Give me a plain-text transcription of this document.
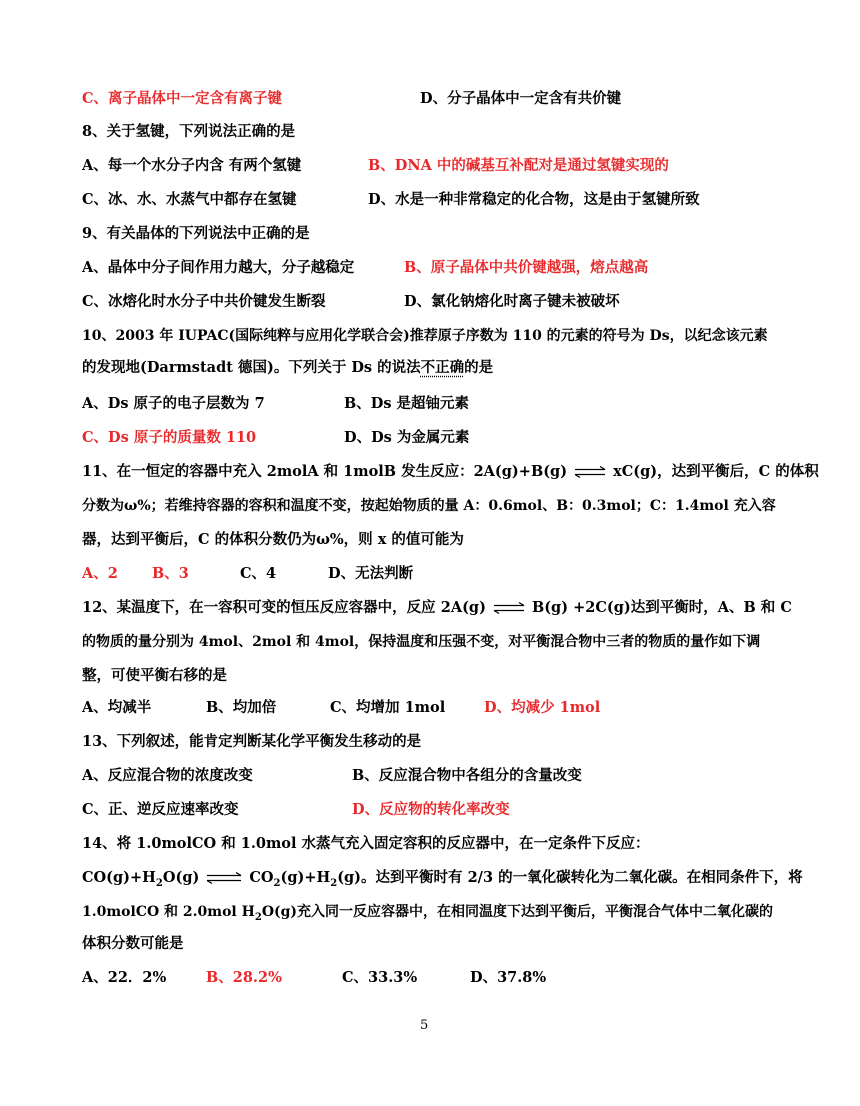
C、离子晶体中一定含有离子键	D、分子晶体中一定含有共价键
8、关于氢键，下列说法正确的是
A、每一个水分子内含 有两个氢键	B、DNA 中的碱基互补配对是通过氢键实现的
C、冰、水、水蒸气中都存在氢键	D、水是一种非常稳定的化合物，这是由于氢键所致
9、有关晶体的下列说法中正确的是
A、晶体中分子间作用力越大，分子越稳定	B、原子晶体中共价键越强，熔点越高
C、冰熔化时水分子中共价键发生断裂	D、氯化钠熔化时离子键未被破坏
10、2003 年 IUPAC(国际纯粹与应用化学联合会)推荐原子序数为 110 的元素的符号为 Ds，以纪念该元素
的发现地(Darmstadt 德国)。下列关于 Ds 的说法不正确的是
A、Ds 原子的电子层数为 7	B、Ds 是超铀元素
C、Ds 原子的质量数 110	D、Ds 为金属元素
11、在一恒定的容器中充入 2molA 和 1molB 发生反应：2A(g)+B(g) ⇌ xC(g)，达到平衡后，C 的体积
分数为ω%；若维持容器的容积和温度不变，按起始物质的量 A：0.6mol、B：0.3mol；C：1.4mol 充入容
器，达到平衡后，C 的体积分数仍为ω%，则 x 的值可能为
A、2 B、3	C、4	D、无法判断
12、某温度下，在一容积可变的恒压反应容器中，反应 2A(g) ⇌ B(g) +2C(g)达到平衡时，A、B 和 C
的物质的量分别为 4mol、2mol 和 4mol，保持温度和压强不变，对平衡混合物中三者的物质的量作如下调
整，可使平衡右移的是
A、均减半	B、均加倍	C、均增加 1mol	D、均减少 1mol
13、下列叙述，能肯定判断某化学平衡发生移动的是
A、反应混合物的浓度改变	B、反应混合物中各组分的含量改变
C、正、逆反应速率改变	D、反应物的转化率改变
14、将 1.0molCO 和 1.0mol 水蒸气充入固定容积的反应器中，在一定条件下反应：
$CO(g)+H_2O(g)$ ⇌ $CO_2(g)+H_2(g)$。达到平衡时有 2/3 的一氧化碳转化为二氧化碳。在相同条件下，将
1.0molCO 和 2.0mol $H_2O(g)$充入同一反应容器中，在相同温度下达到平衡后，平衡混合气体中二氧化碳的
体积分数可能是
A、22．2%	B、28.2%	C、33.3%	D、37.8%
5
